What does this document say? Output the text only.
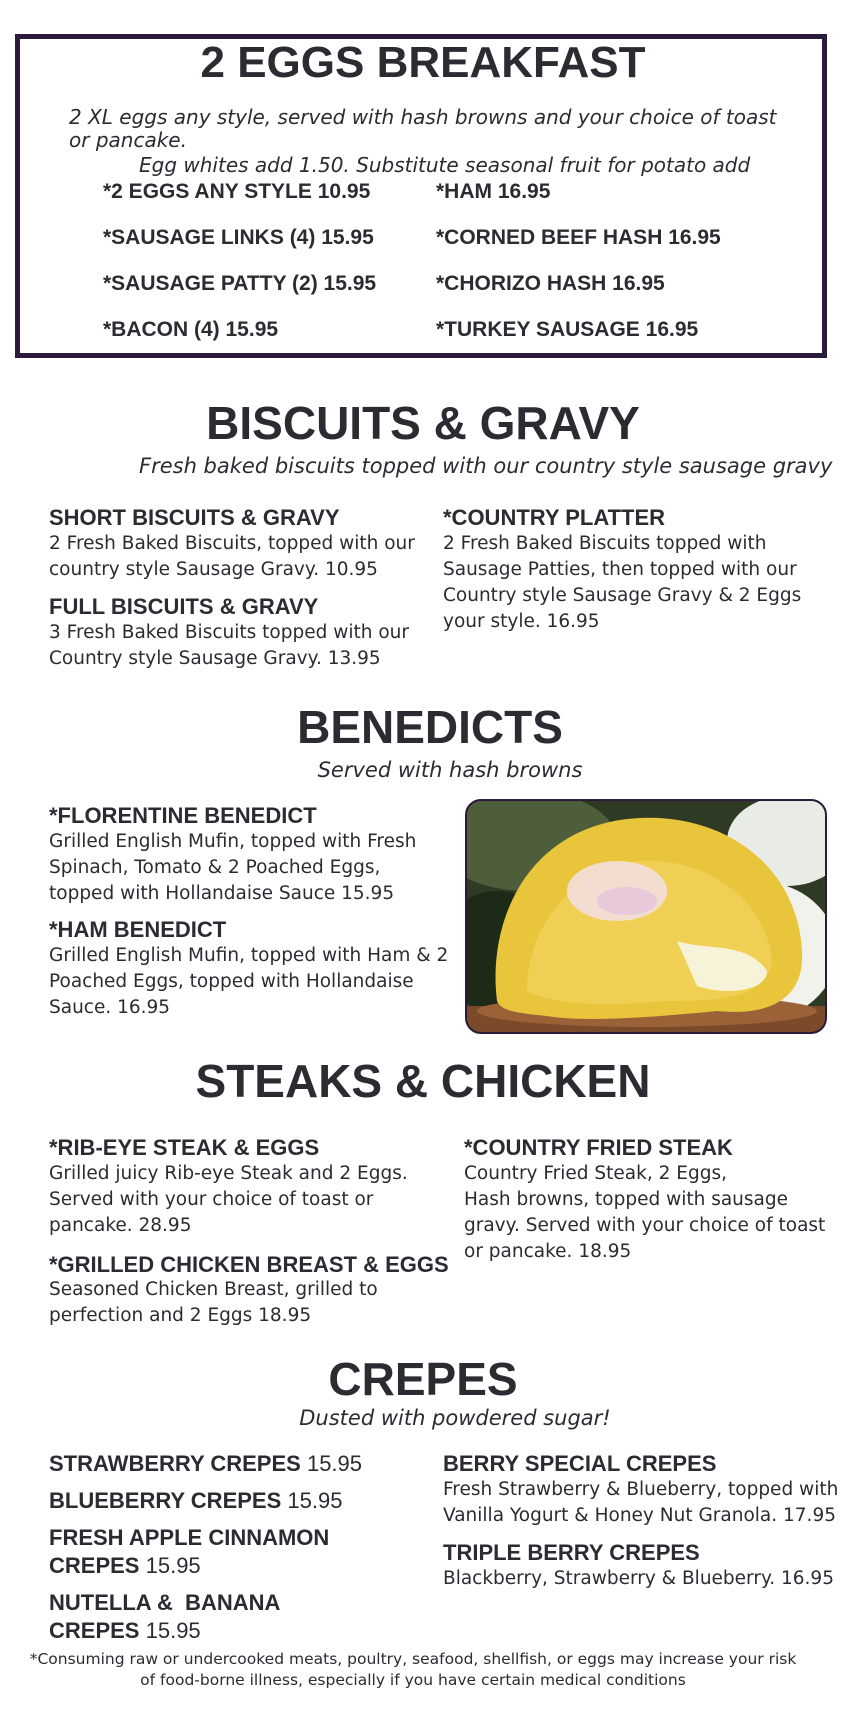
2 EGGS BREAKFAST
2 XL eggs any style, served with hash browns and your choice of toast
or pancake.
Egg whites add 1.50. Substitute seasonal fruit for potato add
*2 EGGS ANY STYLE 10.95
*SAUSAGE LINKS (4) 15.95
*SAUSAGE PATTY (2) 15.95
*BACON (4) 15.95
*HAM 16.95
*CORNED BEEF HASH 16.95
*CHORIZO HASH 16.95
*TURKEY SAUSAGE 16.95
BISCUITS & GRAVY
Fresh baked biscuits topped with our country style sausage gravy
SHORT BISCUITS & GRAVY
2 Fresh Baked Biscuits, topped with our country style Sausage Gravy. 10.95
FULL BISCUITS & GRAVY
3 Fresh Baked Biscuits topped with our Country style Sausage Gravy. 13.95
*COUNTRY PLATTER
2 Fresh Baked Biscuits topped with Sausage Patties, then topped with our Country style Sausage Gravy & 2 Eggs your style. 16.95
BENEDICTS
Served with hash browns
*FLORENTINE BENEDICT
Grilled English Mufin, topped with Fresh Spinach, Tomato & 2 Poached Eggs, topped with Hollandaise Sauce 15.95
*HAM BENEDICT
Grilled English Mufin, topped with Ham & 2 Poached Eggs, topped with Hollandaise Sauce. 16.95
STEAKS & CHICKEN
*RIB-EYE STEAK & EGGS
Grilled juicy Rib-eye Steak and 2 Eggs. Served with your choice of toast or pancake. 28.95
*GRILLED CHICKEN BREAST & EGGS
Seasoned Chicken Breast, grilled to perfection and 2 Eggs 18.95
*COUNTRY FRIED STEAK
Country Fried Steak, 2 Eggs,
Hash browns, topped with sausage gravy. Served with your choice of toast or pancake. 18.95
CREPES
Dusted with powdered sugar!
STRAWBERRY CREPES 15.95
BLUEBERRY CREPES 15.95
FRESH APPLE CINNAMON
CREPES 15.95
NUTELLA &  BANANA
CREPES 15.95
BERRY SPECIAL CREPES
Fresh Strawberry & Blueberry, topped with Vanilla Yogurt & Honey Nut Granola. 17.95
TRIPLE BERRY CREPES
Blackberry, Strawberry & Blueberry. 16.95
*Consuming raw or undercooked meats, poultry, seafood, shellfish, or eggs may increase your risk
of food-borne illness, especially if you have certain medical conditions
